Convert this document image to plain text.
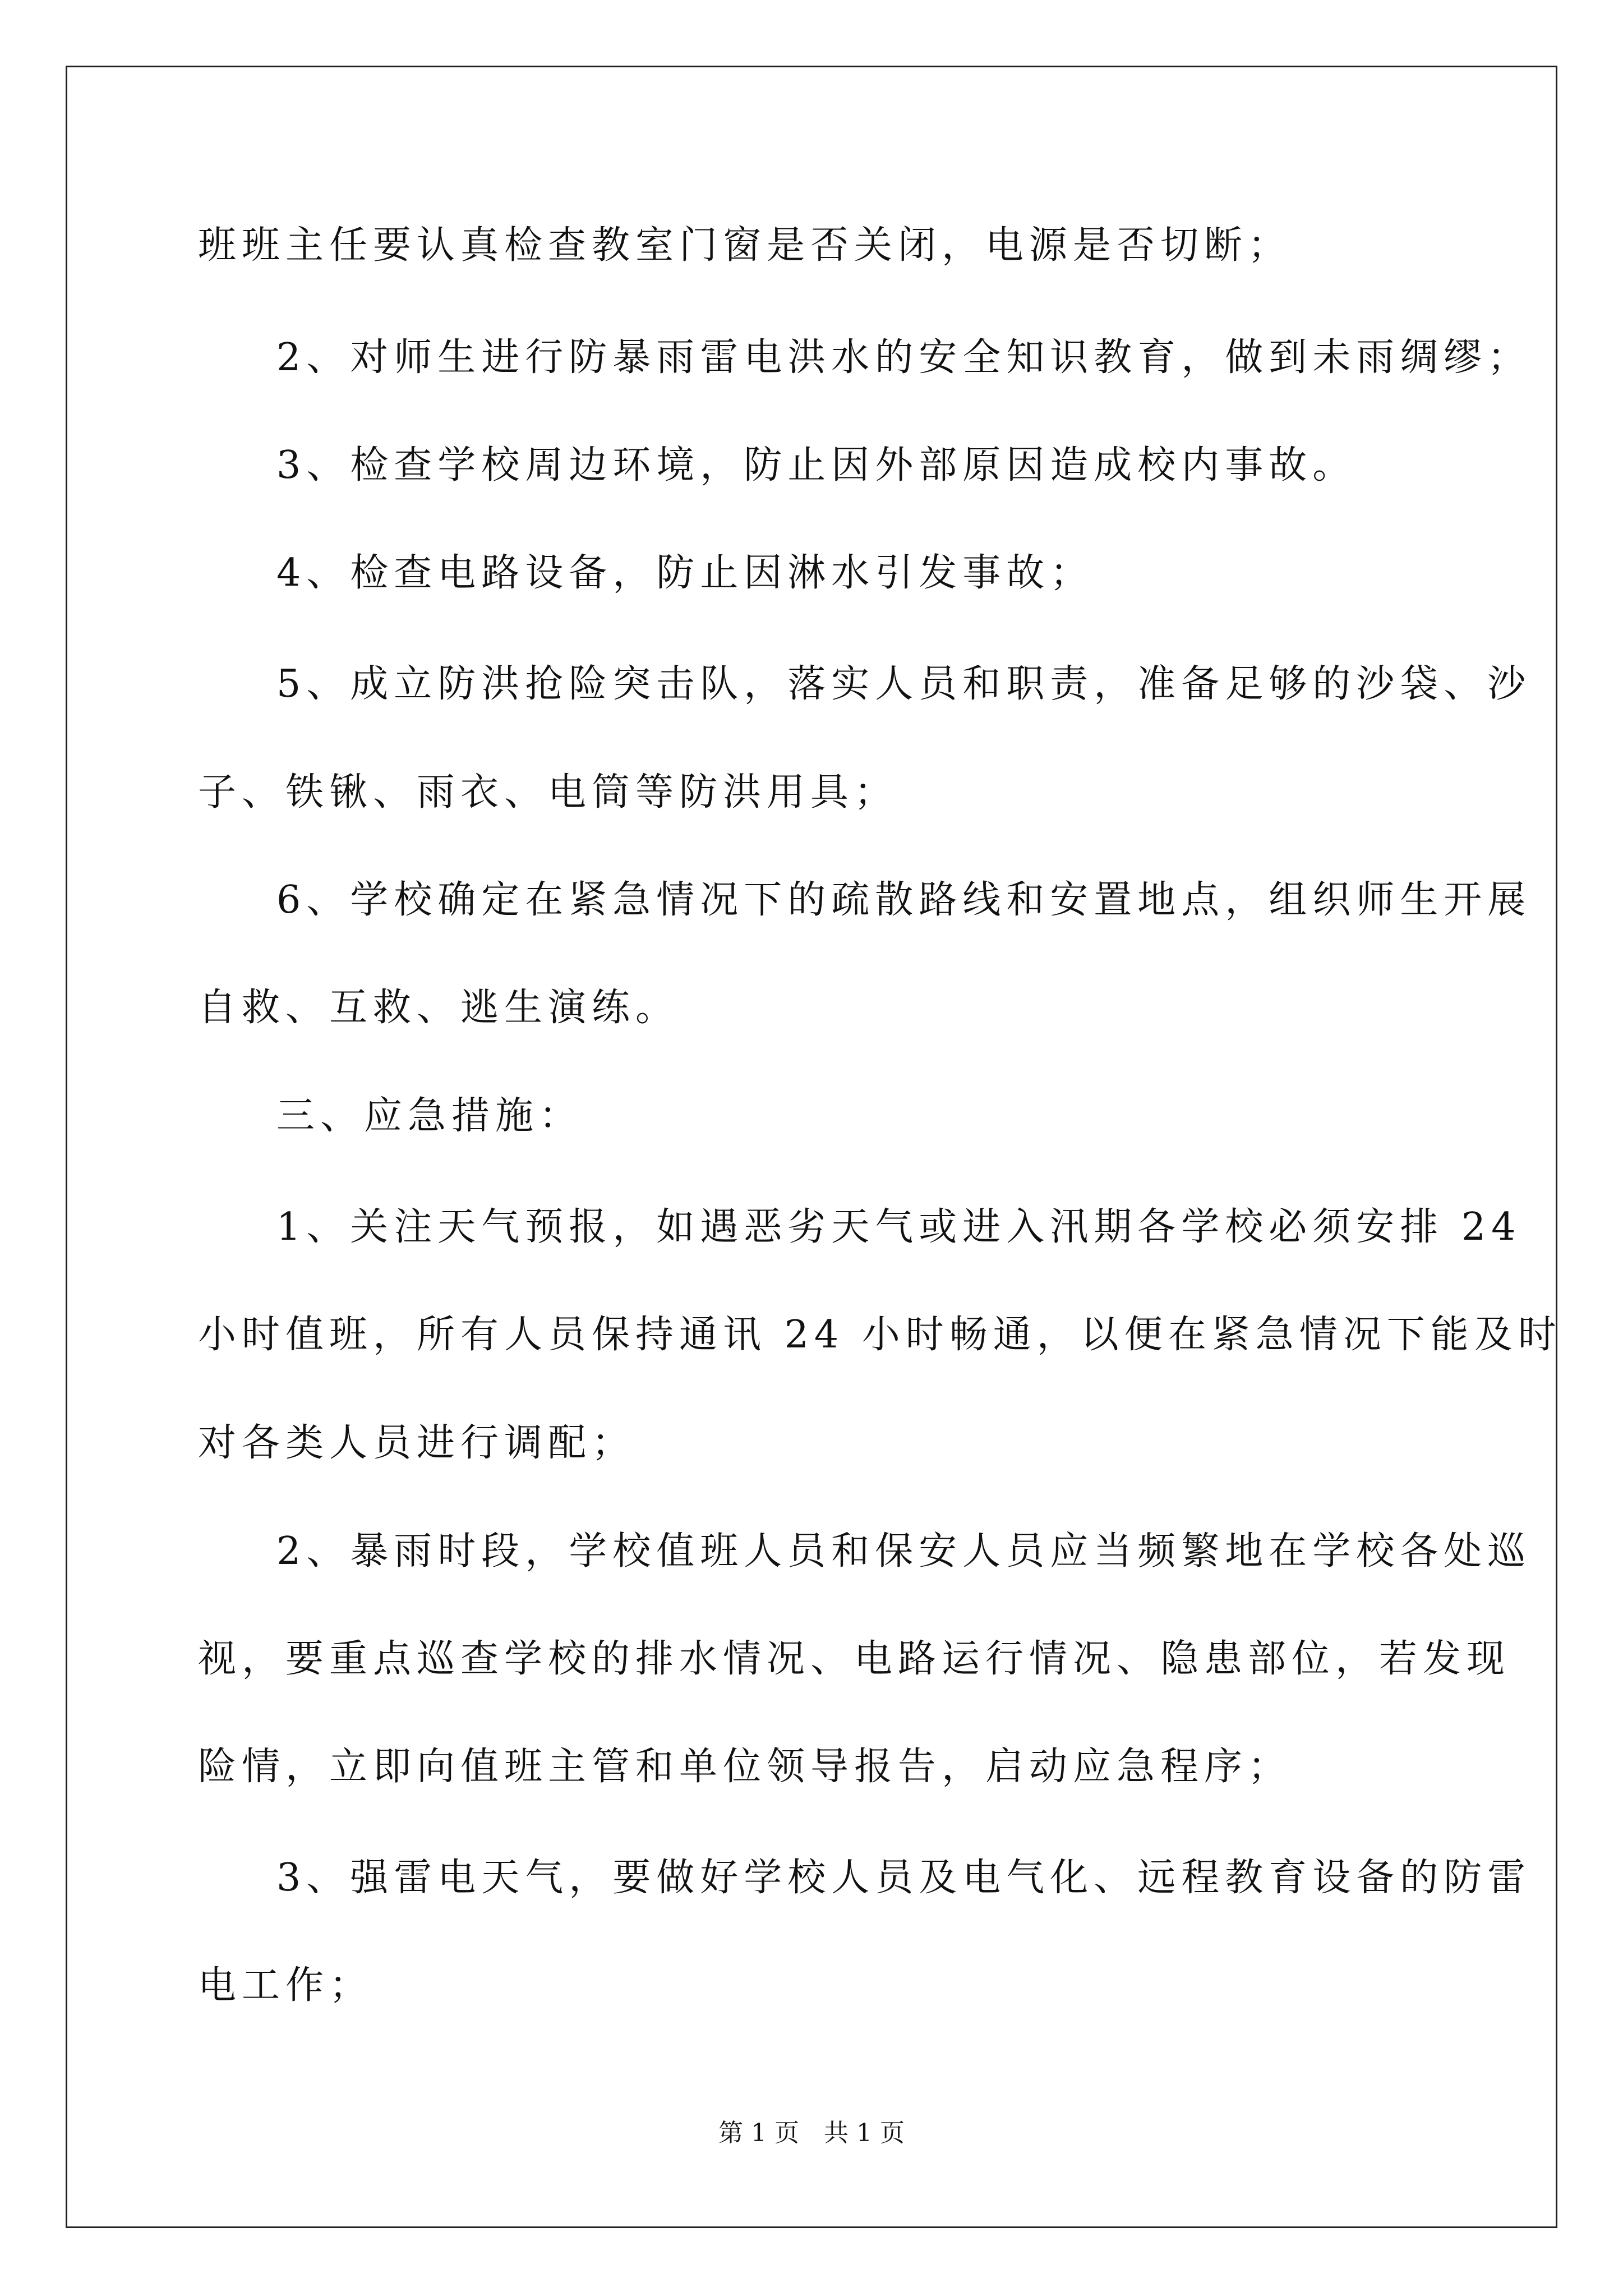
班班主任要认真检查教室门窗是否关闭，电源是否切断；
2、对师生进行防暴雨雷电洪水的安全知识教育，做到未雨绸缪；
3、检查学校周边环境，防止因外部原因造成校内事故。
4、检查电路设备，防止因淋水引发事故；
5、成立防洪抢险突击队，落实人员和职责，准备足够的沙袋、沙
子、铁锹、雨衣、电筒等防洪用具；
6、学校确定在紧急情况下的疏散路线和安置地点，组织师生开展
自救、互救、逃生演练。
三、应急措施：
1、关注天气预报，如遇恶劣天气或进入汛期各学校必须安排 24
小时值班，所有人员保持通讯 24 小时畅通，以便在紧急情况下能及时
对各类人员进行调配；
2、暴雨时段，学校值班人员和保安人员应当频繁地在学校各处巡
视，要重点巡查学校的排水情况、电路运行情况、隐患部位，若发现
险情，立即向值班主管和单位领导报告，启动应急程序；
3、强雷电天气，要做好学校人员及电气化、远程教育设备的防雷
电工作；
第 1 页　共 1 页
